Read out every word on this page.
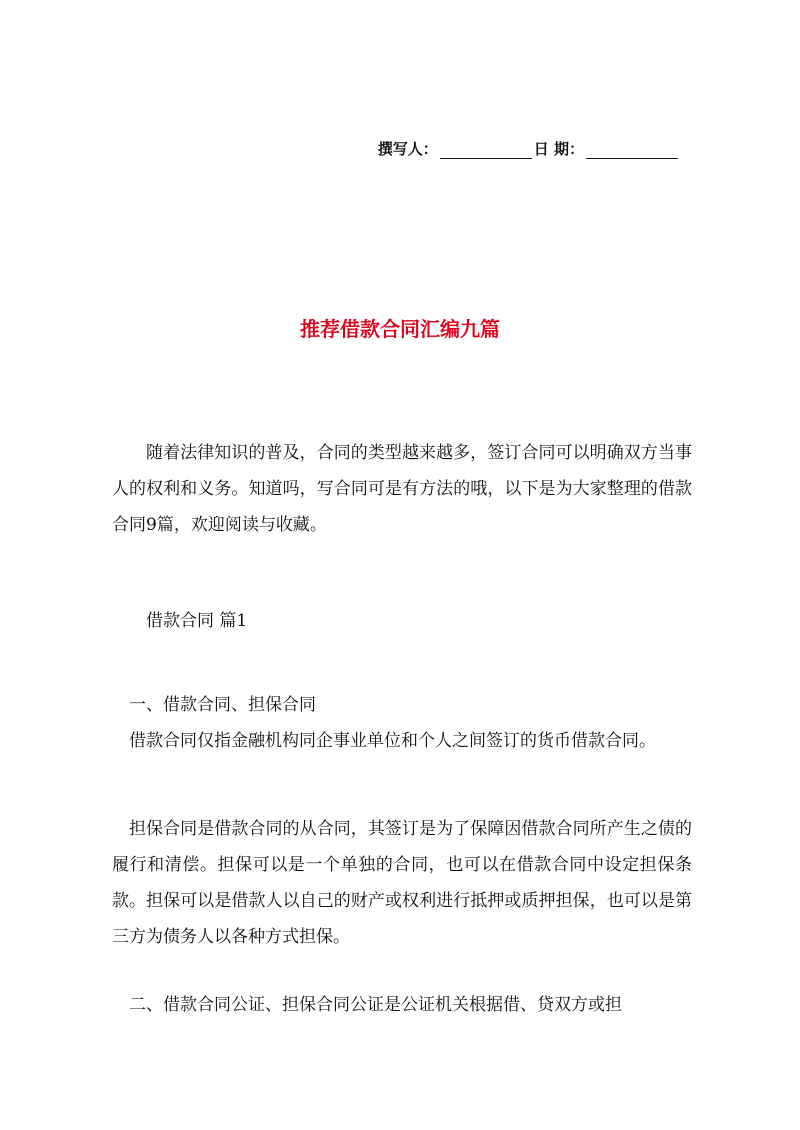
撰写人：	日 期：
推荐借款合同汇编九篇

随着法律知识的普及，合同的类型越来越多，签订合同可以明确双方当事人的权利和义务。知道吗，写合同可是有方法的哦，以下是为大家整理的借款合同9篇，欢迎阅读与收藏。

借款合同 篇1

一、借款合同、担保合同

借款合同仅指金融机构同企事业单位和个人之间签订的货币借款合同。

担保合同是借款合同的从合同，其签订是为了保障因借款合同所产生之债的履行和清偿。担保可以是一个单独的合同，也可以在借款合同中设定担保条款。担保可以是借款人以自己的财产或权利进行抵押或质押担保，也可以是第三方为债务人以各种方式担保。

二、借款合同公证、担保合同公证是公证机关根据借、贷双方或担
